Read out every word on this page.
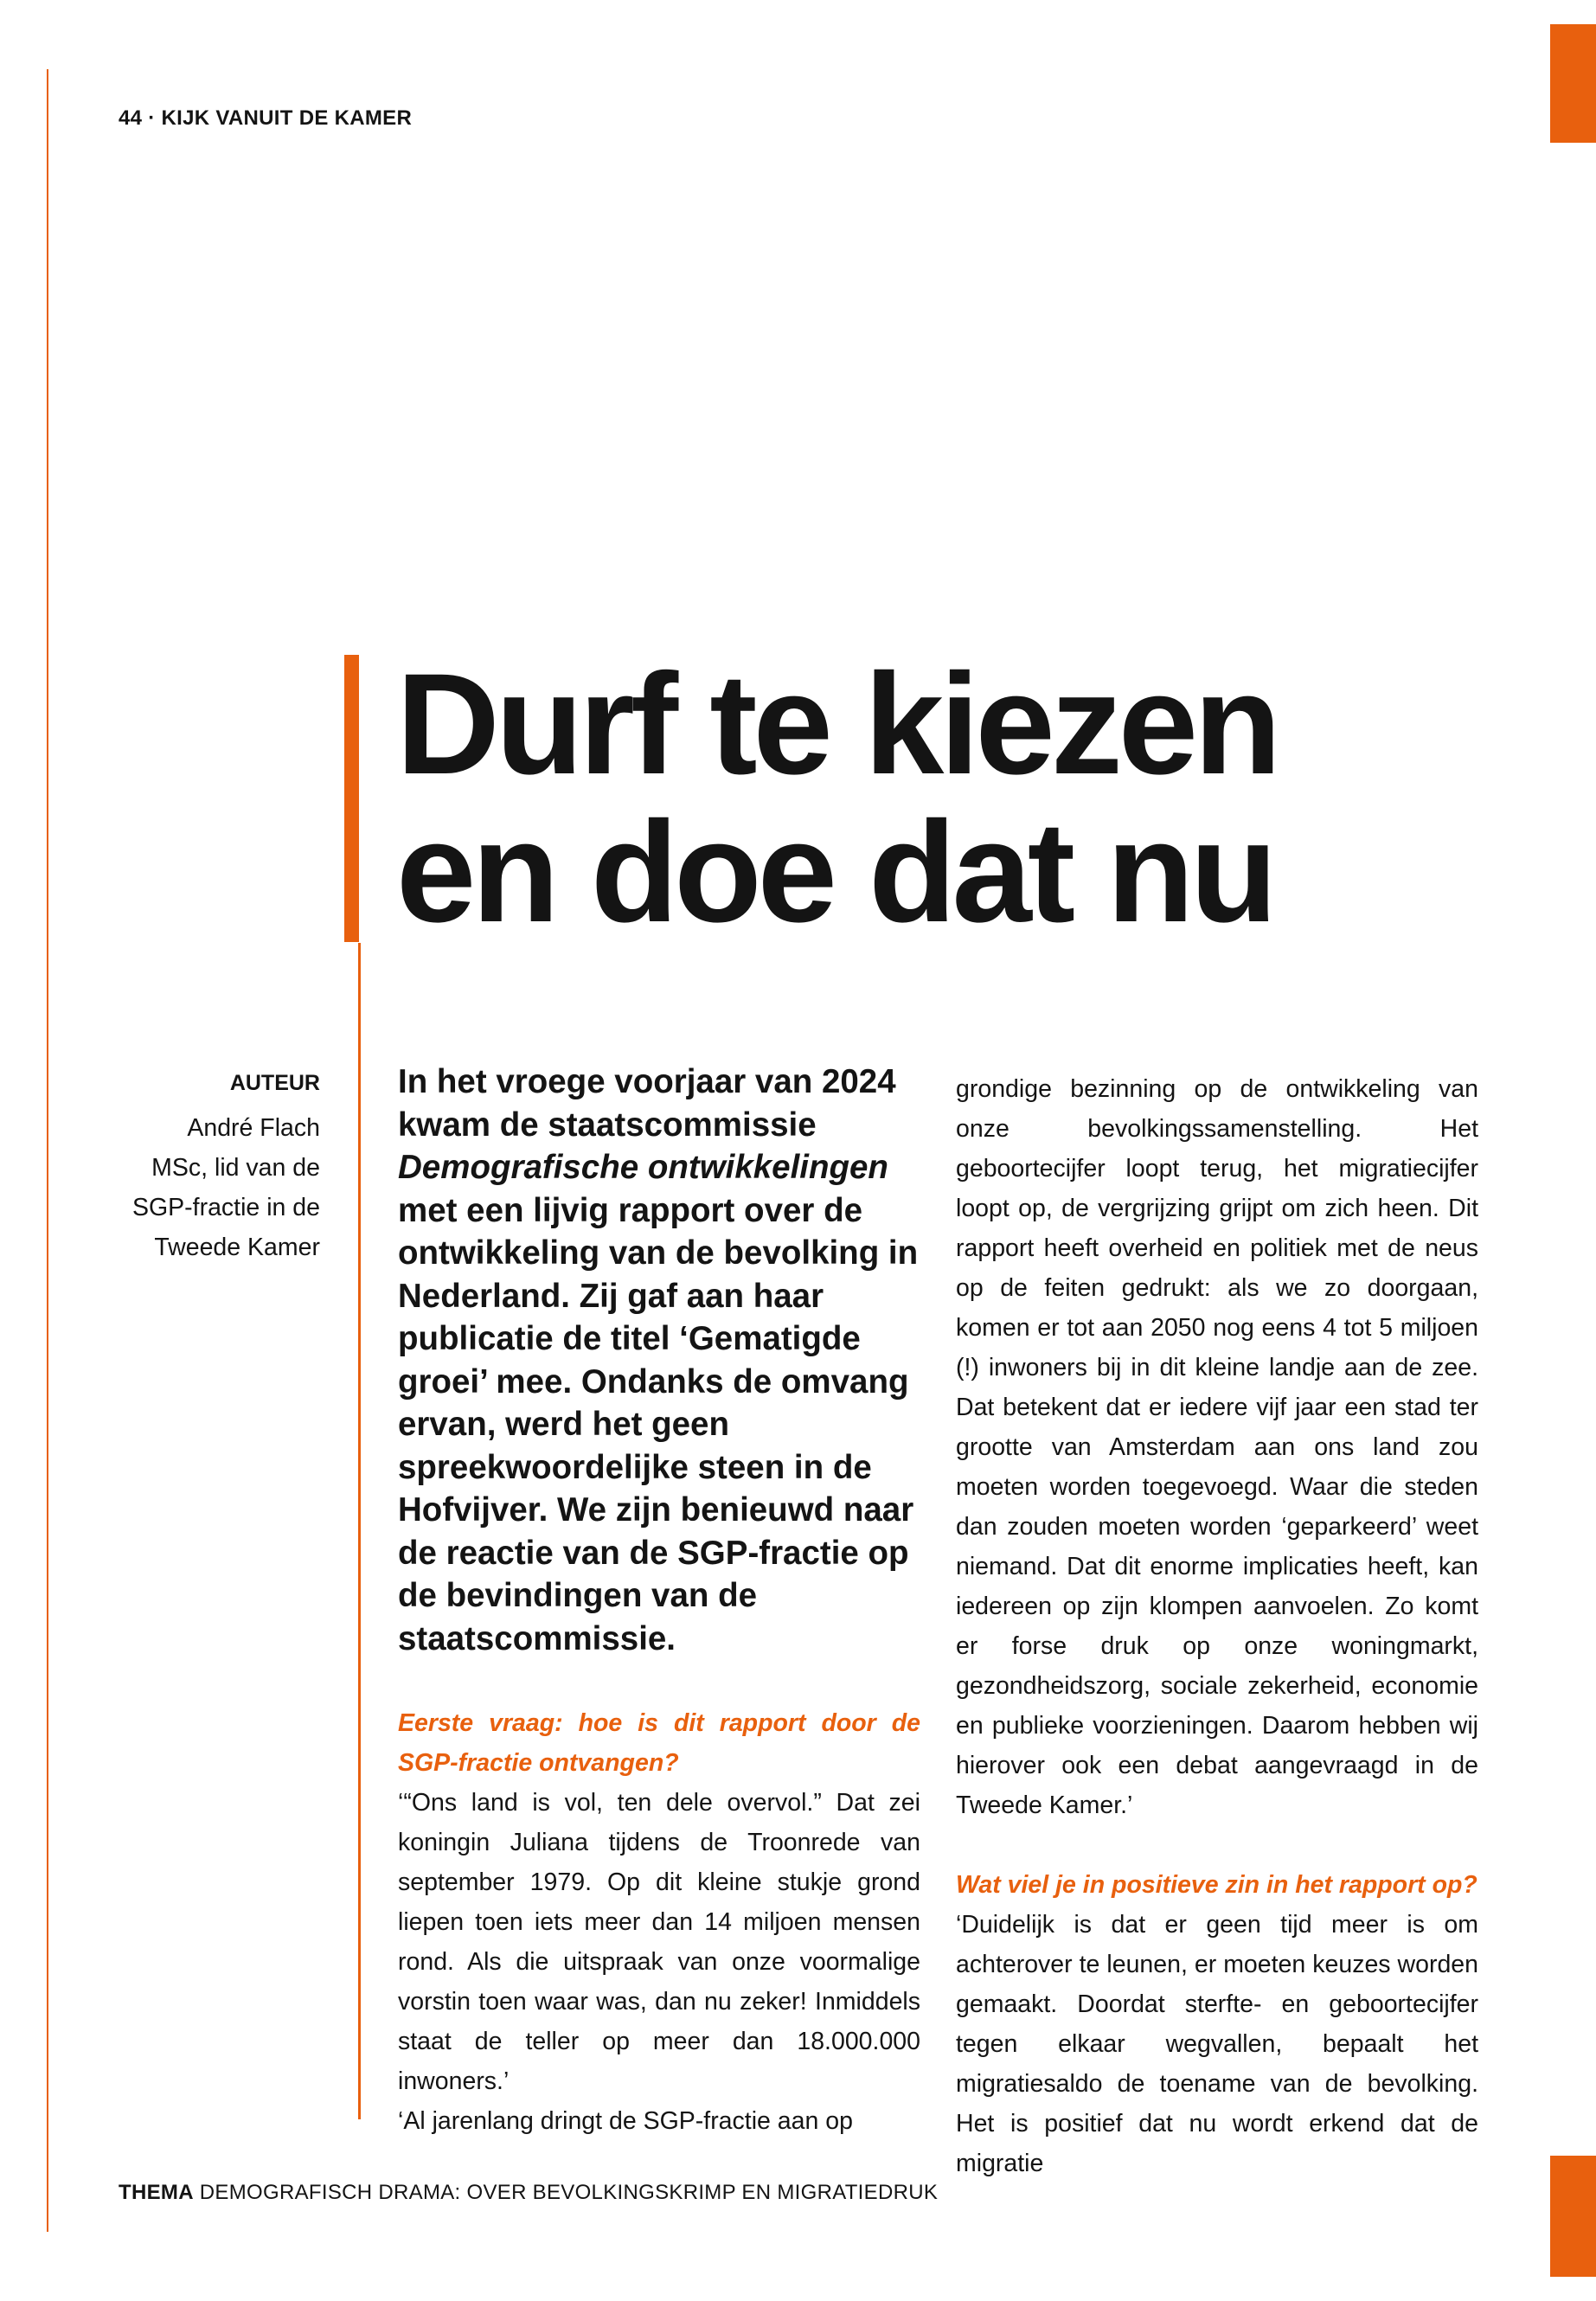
44 · KIJK VANUIT DE KAMER
Durf te kiezen
en doe dat nu
AUTEUR
André Flach
MSc, lid van de
SGP-fractie in de
Tweede Kamer
In het vroege voorjaar van 2024 kwam de staatscommissie Demografische ontwikkelingen met een lijvig rapport over de ontwikkeling van de bevolking in Nederland. Zij gaf aan haar publicatie de titel ‘Gematigde groei’ mee. Ondanks de omvang ervan, werd het geen spreekwoordelijke steen in de Hofvijver. We zijn benieuwd naar de reactie van de SGP-fractie op de bevindingen van de staatscommissie.

Eerste vraag: hoe is dit rapport door de SGP-fractie ontvangen?

‘“Ons land is vol, ten dele overvol.” Dat zei koningin Juliana tijdens de Troonrede van september 1979. Op dit kleine stukje grond liepen toen iets meer dan 14 miljoen mensen rond. Als die uitspraak van onze voormalige vorstin toen waar was, dan nu zeker! Inmiddels staat de teller op meer dan 18.000.000 inwoners.’

‘Al jarenlang dringt de SGP-fractie aan op

grondige bezinning op de ontwikkeling van onze bevolkingssamenstelling. Het geboortecijfer loopt terug, het migratiecijfer loopt op, de vergrijzing grijpt om zich heen. Dit rapport heeft overheid en politiek met de neus op de feiten gedrukt: als we zo doorgaan, komen er tot aan 2050 nog eens 4 tot 5 miljoen (!) inwoners bij in dit kleine landje aan de zee. Dat betekent dat er iedere vijf jaar een stad ter grootte van Amsterdam aan ons land zou moeten worden toegevoegd. Waar die steden dan zouden moeten worden ‘geparkeerd’ weet niemand. Dat dit enorme implicaties heeft, kan iedereen op zijn klompen aanvoelen. Zo komt er forse druk op onze woningmarkt, gezondheidszorg, sociale zekerheid, economie en publieke voorzieningen. Daarom hebben wij hierover ook een debat aangevraagd in de Tweede Kamer.’

Wat viel je in positieve zin in het rapport op?

‘Duidelijk is dat er geen tijd meer is om achterover te leunen, er moeten keuzes worden gemaakt. Doordat sterfte- en geboortecijfer tegen elkaar wegvallen, bepaalt het migratiesaldo de toename van de bevolking. Het is positief dat nu wordt erkend dat de migratie

THEMA DEMOGRAFISCH DRAMA: OVER BEVOLKINGSKRIMP EN MIGRATIEDRUK
